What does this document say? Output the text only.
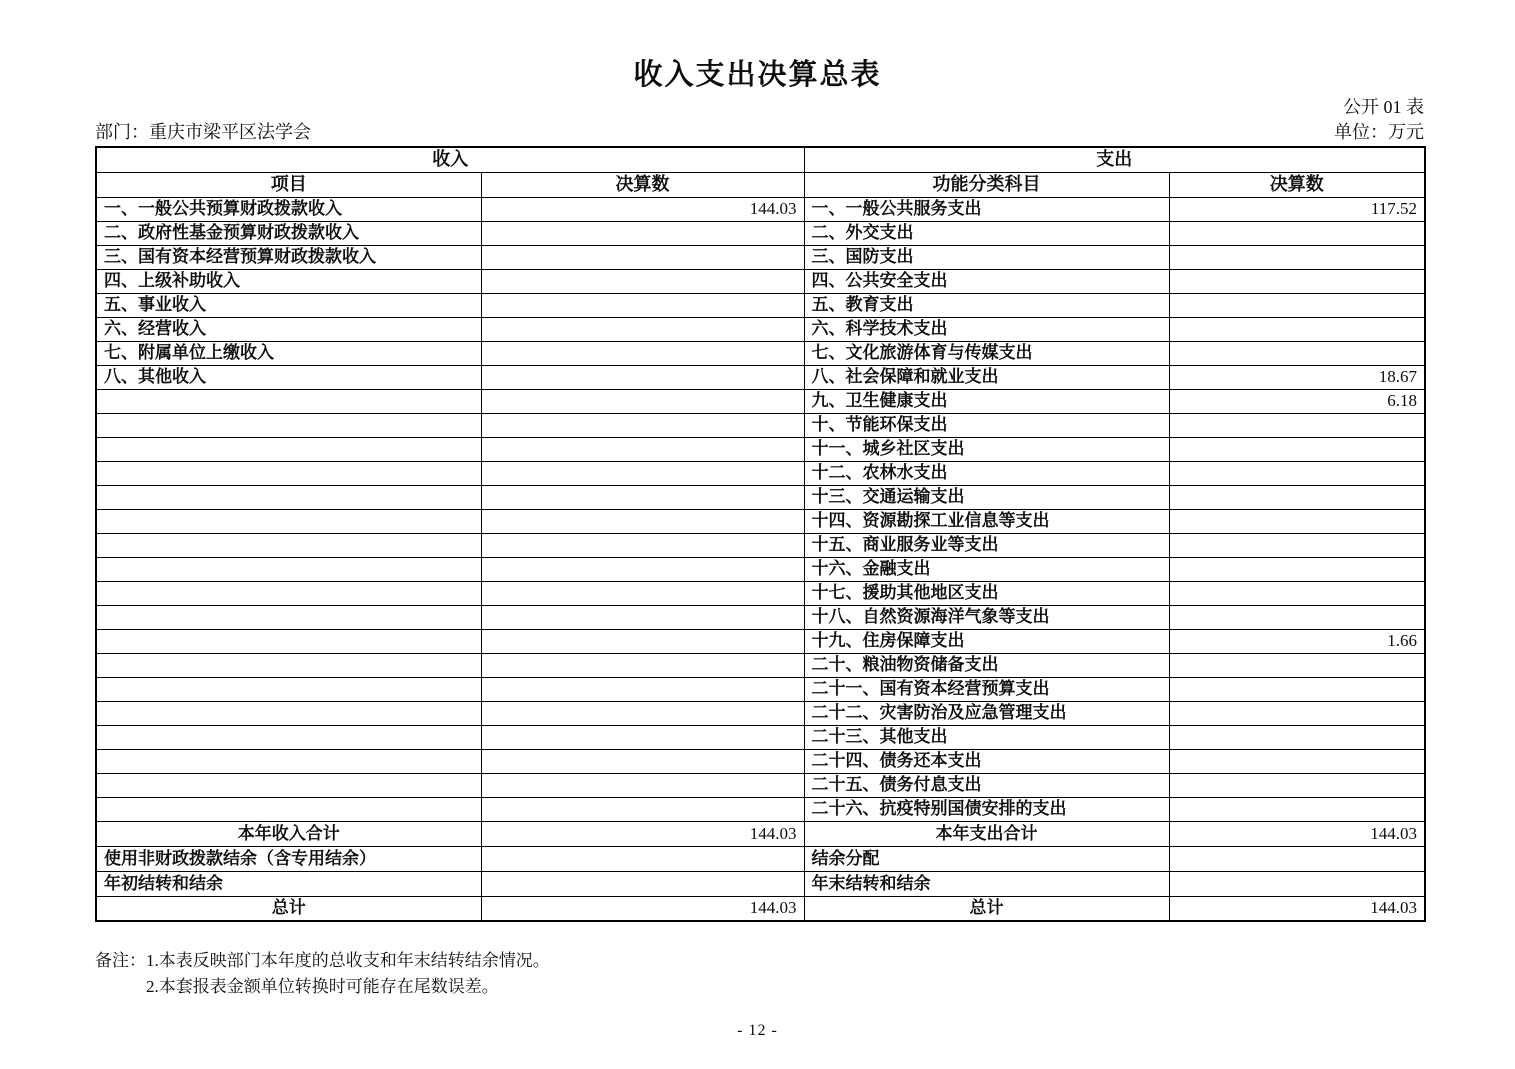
收入支出决算总表
公开 01 表
部门：重庆市梁平区法学会	单位：万元
收入		支出	
项目	决算数	功能分类科目	决算数
一、一般公共预算财政拨款收入	144.03	一、一般公共服务支出	117.52
二、政府性基金预算财政拨款收入		二、外交支出	
三、国有资本经营预算财政拨款收入		三、国防支出	
四、上级补助收入		四、公共安全支出	
五、事业收入		五、教育支出	
六、经营收入		六、科学技术支出	
七、附属单位上缴收入		七、文化旅游体育与传媒支出	
八、其他收入		八、社会保障和就业支出	18.67
		九、卫生健康支出	6.18
		十、节能环保支出	
		十一、城乡社区支出	
		十二、农林水支出	
		十三、交通运输支出	
		十四、资源勘探工业信息等支出	
		十五、商业服务业等支出	
		十六、金融支出	
		十七、援助其他地区支出	
		十八、自然资源海洋气象等支出	
		十九、住房保障支出	1.66
		二十、粮油物资储备支出	
		二十一、国有资本经营预算支出	
		二十二、灾害防治及应急管理支出	
		二十三、其他支出	
		二十四、债务还本支出	
		二十五、债务付息支出	
		二十六、抗疫特别国债安排的支出	
本年收入合计	144.03	本年支出合计	144.03
使用非财政拨款结余（含专用结余）		结余分配	
年初结转和结余		年末结转和结余	
总计	144.03	总计	144.03
备注： 1.本表反映部门本年度的总收支和年末结转结余情况。
2.本套报表金额单位转换时可能存在尾数误差。
- 12 -
